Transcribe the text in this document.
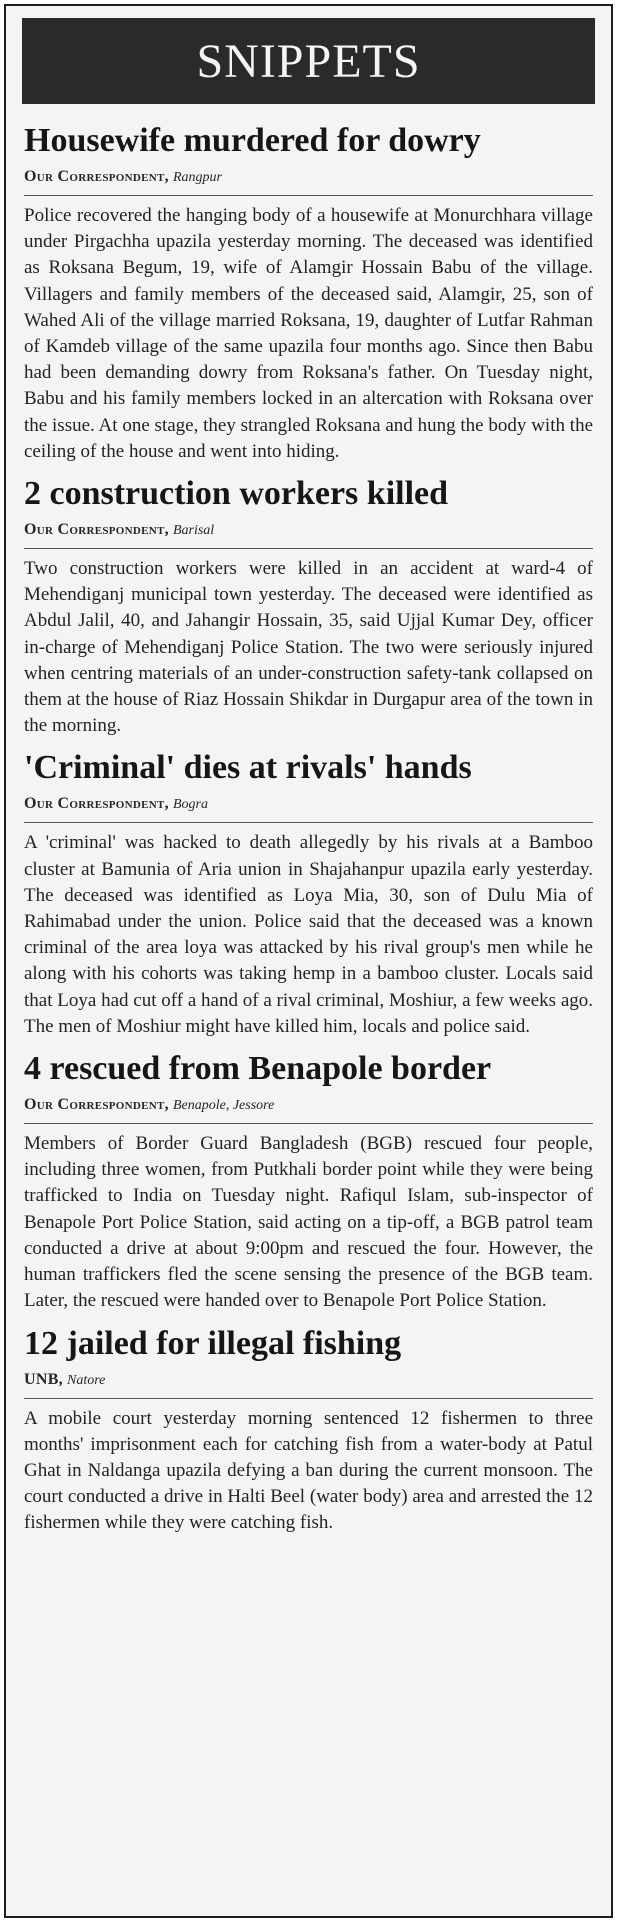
SNIPPETS
Housewife murdered for dowry
Our Correspondent, Rangpur

Police recovered the hanging body of a housewife at Monurchhara village under Pirgachha upazila yesterday morning. The deceased was identified as Roksana Begum, 19, wife of Alamgir Hossain Babu of the village. Villagers and family members of the deceased said, Alamgir, 25, son of Wahed Ali of the village married Roksana, 19, daughter of Lutfar Rahman of Kamdeb village of the same upazila four months ago. Since then Babu had been demanding dowry from Roksana's father. On Tuesday night, Babu and his family members locked in an altercation with Roksana over the issue. At one stage, they strangled Roksana and hung the body with the ceiling of the house and went into hiding.

2 construction workers killed
Our Correspondent, Barisal

Two construction workers were killed in an accident at ward-4 of Mehendiganj municipal town yesterday. The deceased were identified as Abdul Jalil, 40, and Jahangir Hossain, 35, said Ujjal Kumar Dey, officer in-charge of Mehendiganj Police Station. The two were seriously injured when centring materials of an under-construction safety-tank collapsed on them at the house of Riaz Hossain Shikdar in Durgapur area of the town in the morning.

'Criminal' dies at rivals' hands
Our Correspondent, Bogra

A 'criminal' was hacked to death allegedly by his rivals at a Bamboo cluster at Bamunia of Aria union in Shajahanpur upazila early yesterday. The deceased was identified as Loya Mia, 30, son of Dulu Mia of Rahimabad under the union. Police said that the deceased was a known criminal of the area loya was attacked by his rival group's men while he along with his cohorts was taking hemp in a bamboo cluster. Locals said that Loya had cut off a hand of a rival criminal, Moshiur, a few weeks ago. The men of Moshiur might have killed him, locals and police said.

4 rescued from Benapole border
Our Correspondent, Benapole, Jessore

Members of Border Guard Bangladesh (BGB) rescued four people, including three women, from Putkhali border point while they were being trafficked to India on Tuesday night. Rafiqul Islam, sub-inspector of Benapole Port Police Station, said acting on a tip-off, a BGB patrol team conducted a drive at about 9:00pm and rescued the four. However, the human traffickers fled the scene sensing the presence of the BGB team. Later, the rescued were handed over to Benapole Port Police Station.

12 jailed for illegal fishing
UNB, Natore

A mobile court yesterday morning sentenced 12 fishermen to three months' imprisonment each for catching fish from a water-body at Patul Ghat in Naldanga upazila defying a ban during the current monsoon. The court conducted a drive in Halti Beel (water body) area and arrested the 12 fishermen while they were catching fish.
